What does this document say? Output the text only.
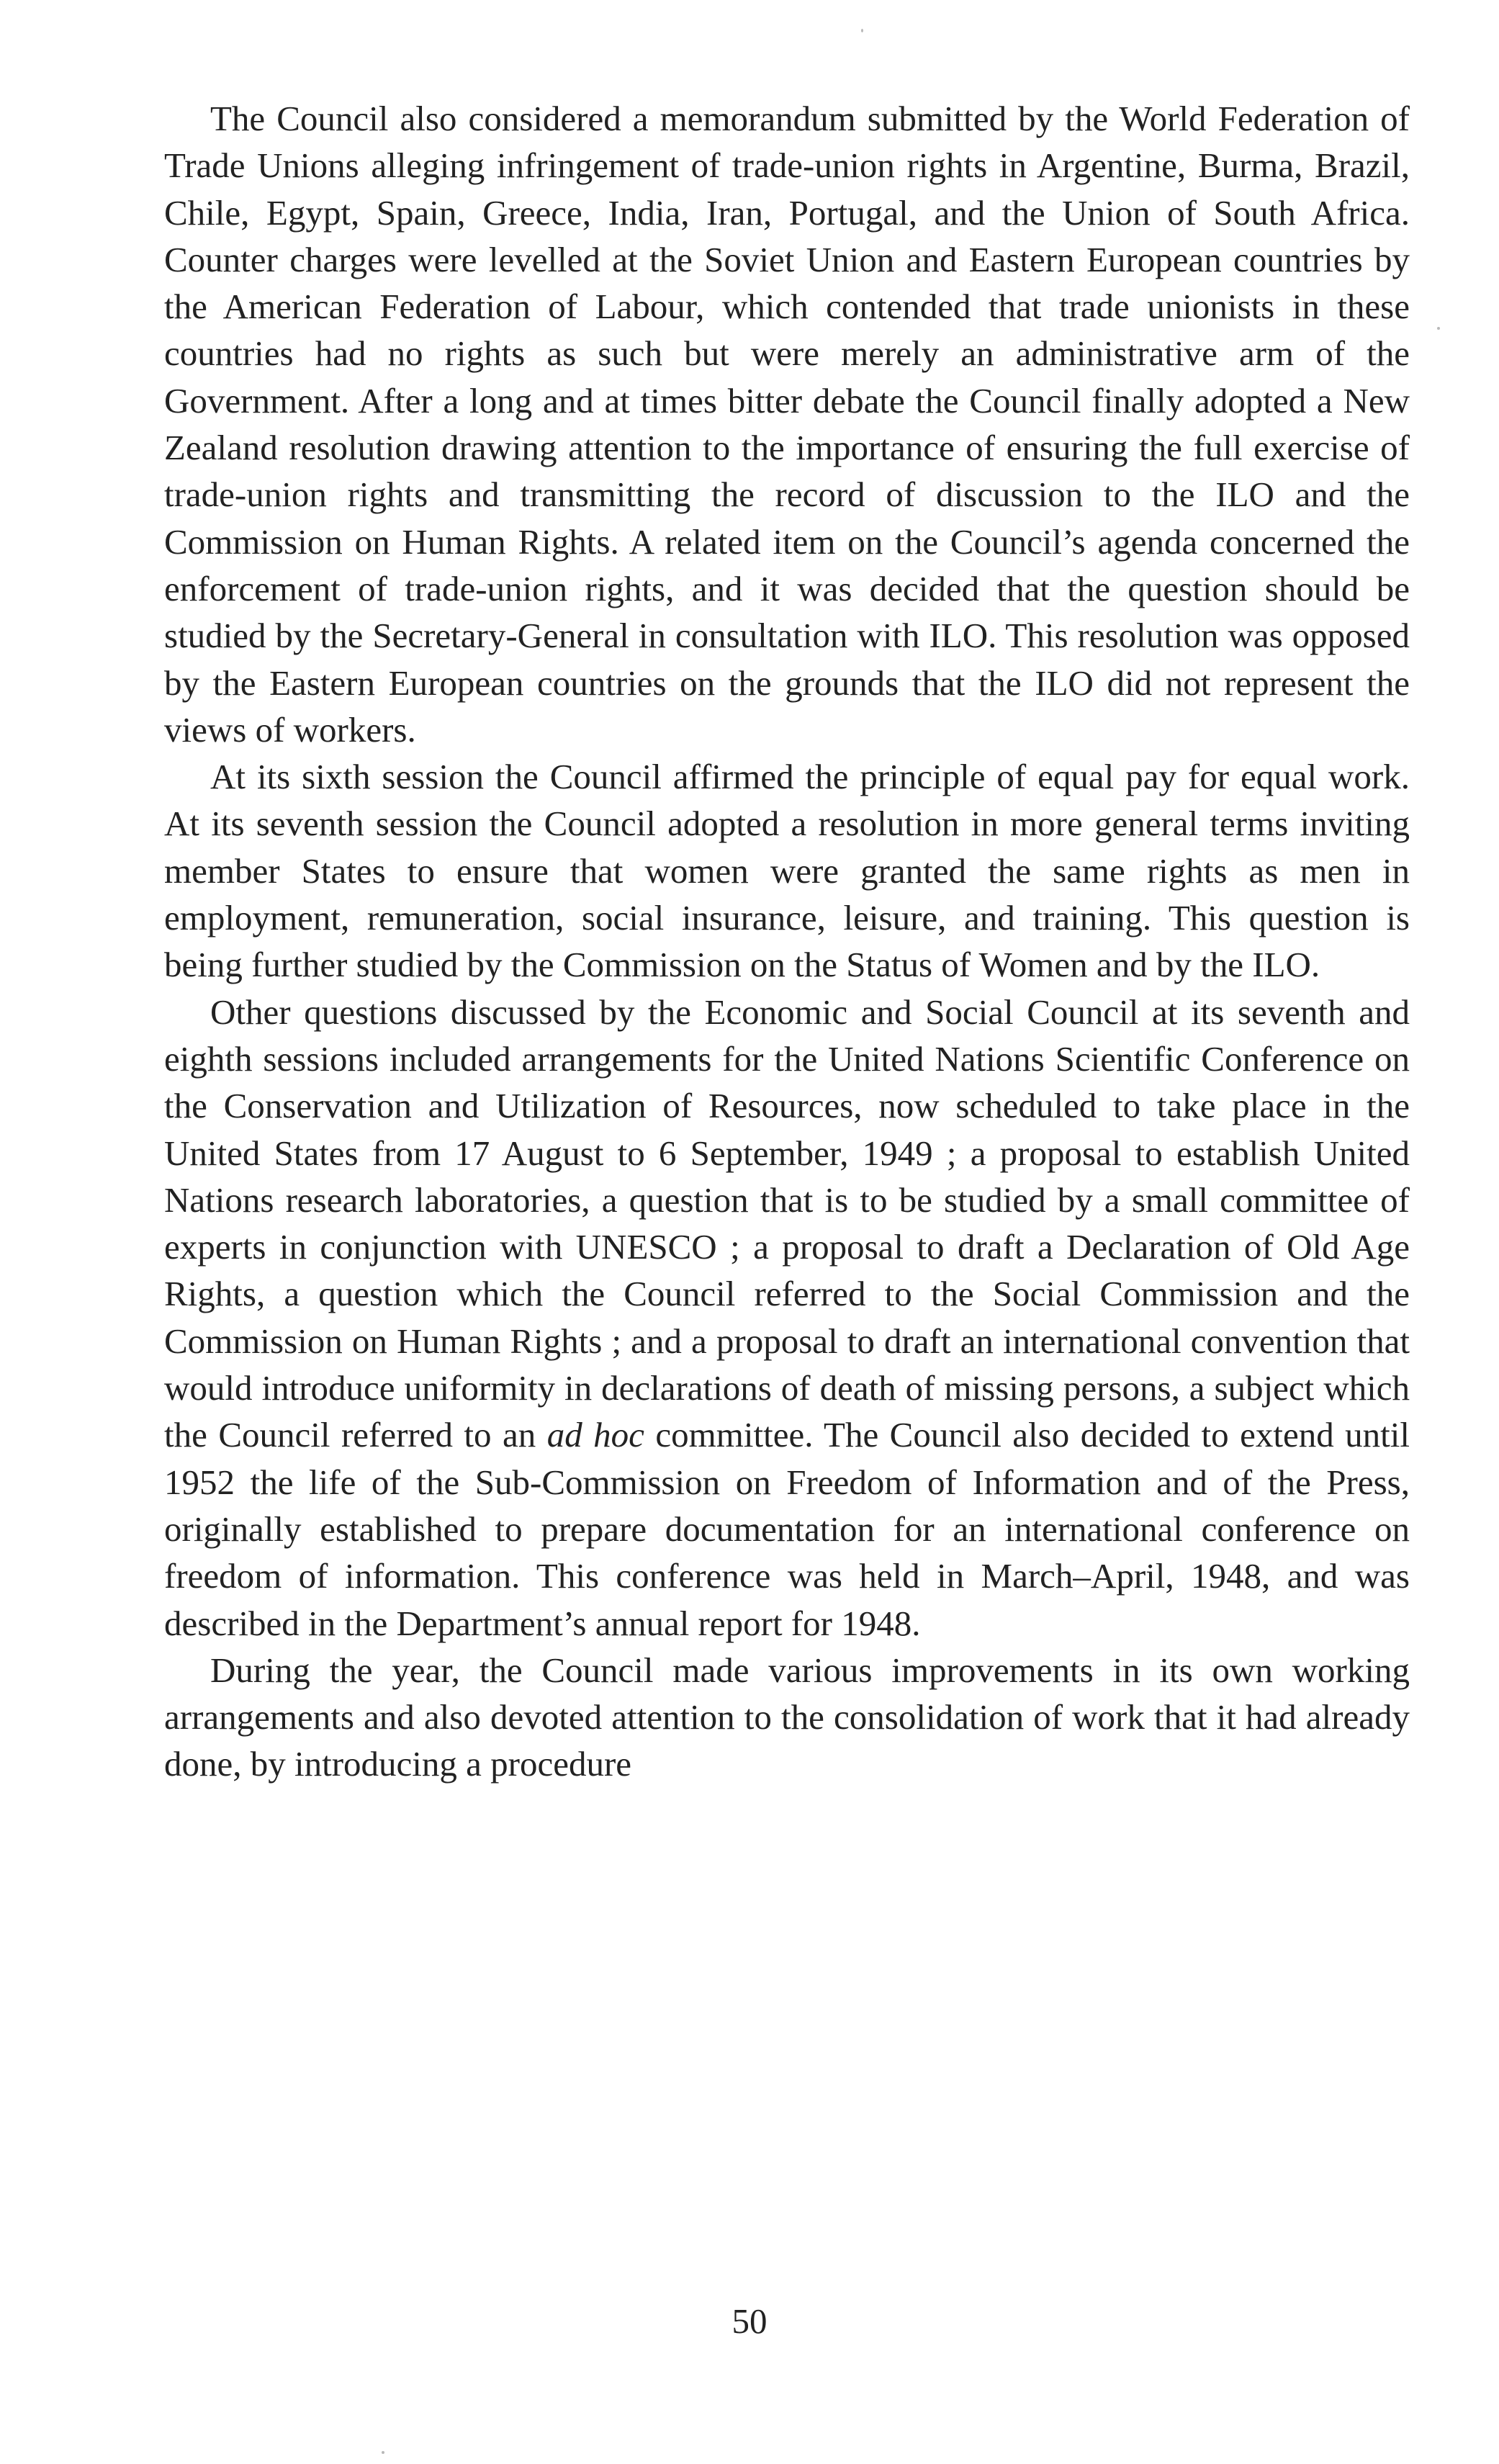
The Council also considered a memorandum submitted by the World Federation of Trade Unions alleging infringement of trade-union rights in Argentine, Burma, Brazil, Chile, Egypt, Spain, Greece, India, Iran, Portugal, and the Union of South Africa. Counter charges were levelled at the Soviet Union and Eastern European countries by the American Federation of Labour, which contended that trade unionists in these countries had no rights as such but were merely an administrative arm of the Government. After a long and at times bitter debate the Council finally adopted a New Zealand resolution drawing attention to the importance of ensuring the full exercise of trade-union rights and transmitting the record of discussion to the ILO and the Commission on Human Rights. A related item on the Council’s agenda concerned the enforcement of trade-union rights, and it was decided that the question should be studied by the Secretary-General in consultation with ILO. This resolution was opposed by the Eastern European countries on the grounds that the ILO did not represent the views of workers.

At its sixth session the Council affirmed the principle of equal pay for equal work. At its seventh session the Council adopted a resolution in more general terms inviting member States to ensure that women were granted the same rights as men in employment, remuneration, social insurance, leisure, and training. This question is being further studied by the Commission on the Status of Women and by the ILO.

Other questions discussed by the Economic and Social Council at its seventh and eighth sessions included arrangements for the United Nations Scientific Conference on the Conservation and Utilization of Resources, now scheduled to take place in the United States from 17 August to 6 September, 1949 ; a proposal to establish United Nations research laboratories, a question that is to be studied by a small committee of experts in conjunction with UNESCO ; a proposal to draft a Declaration of Old Age Rights, a question which the Council referred to the Social Commission and the Commission on Human Rights ; and a proposal to draft an international convention that would introduce uniformity in declarations of death of missing persons, a subject which the Council referred to an ad hoc committee. The Council also decided to extend until 1952 the life of the Sub-Commission on Freedom of Information and of the Press, originally established to prepare documentation for an international conference on freedom of information. This conference was held in March–April, 1948, and was described in the Department’s annual report for 1948.

During the year, the Council made various improvements in its own working arrangements and also devoted attention to the consolidation of work that it had already done, by introducing a procedure

50
